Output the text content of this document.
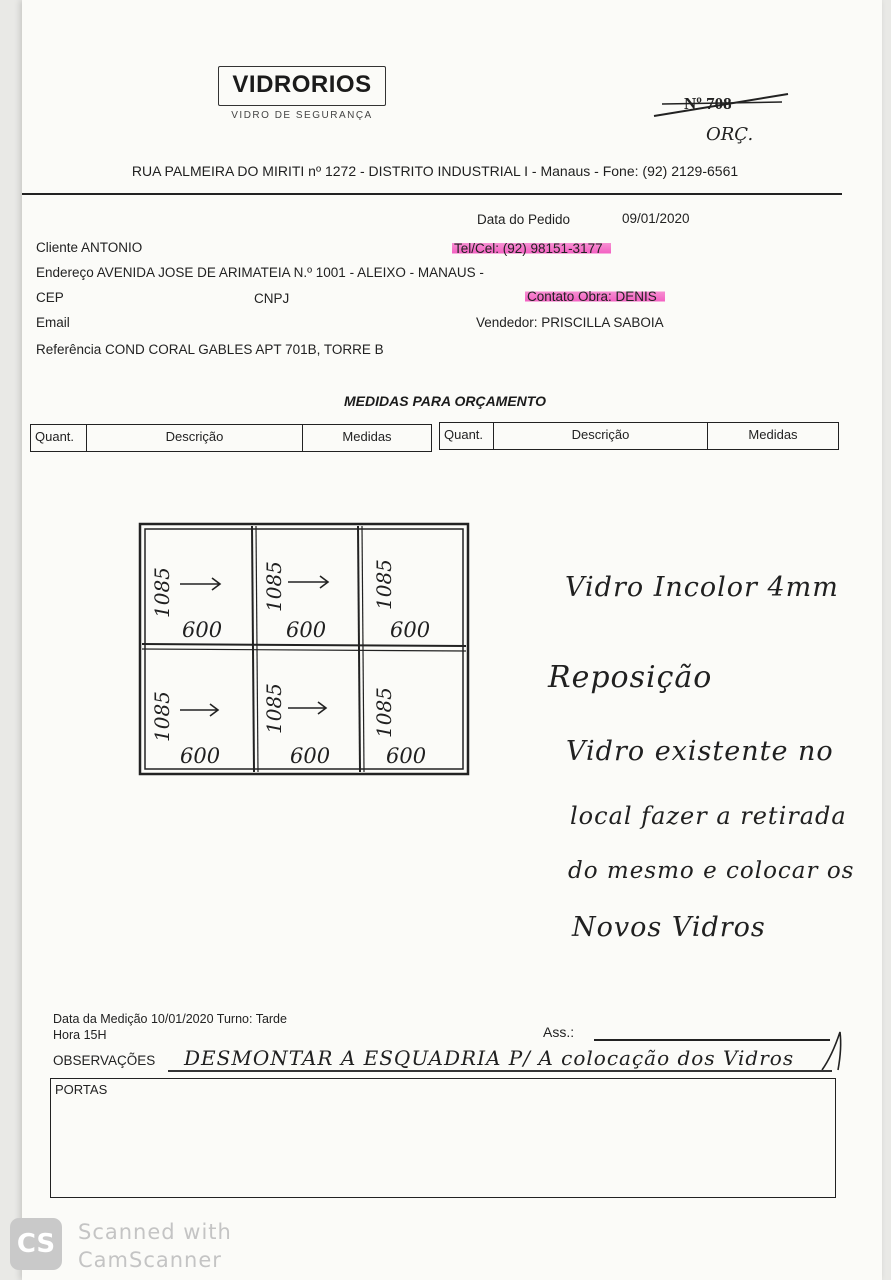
VIDRORIOS
VIDRO DE SEGURANÇA
Nº 708
ORÇ.
RUA PALMEIRA DO MIRITI nº 1272 - DISTRITO INDUSTRIAL I - Manaus - Fone: (92) 2129-6561
Data do Pedido	09/01/2020
Cliente ANTONIO	Tel/Cel: (92) 98151-3177
Endereço AVENIDA JOSE DE ARIMATEIA N.º 1001 - ALEIXO - MANAUS -
CEP	CNPJ	Contato Obra: DENIS
Email	Vendedor: PRISCILLA SABOIA
Referência COND CORAL GABLES APT 701B, TORRE B
MEDIDAS PARA ORÇAMENTO
Quant.	Descrição	Medidas	Quant.	Descrição	Medidas
1085
600
1085
600
1085
600
1085
600
1085
600
1085
600
Vidro Incolor 4mm
Reposição
Vidro existente no
local fazer a retirada
do mesmo e colocar os
Novos Vidros
Data da Medição 10/01/2020 Turno: Tarde
Hora 15H	Ass.:
OBSERVAÇÕES DESMONTAR A ESQUADRIA P/ A colocação dos Vidros
PORTAS
CS	Scanned with
CamScanner
